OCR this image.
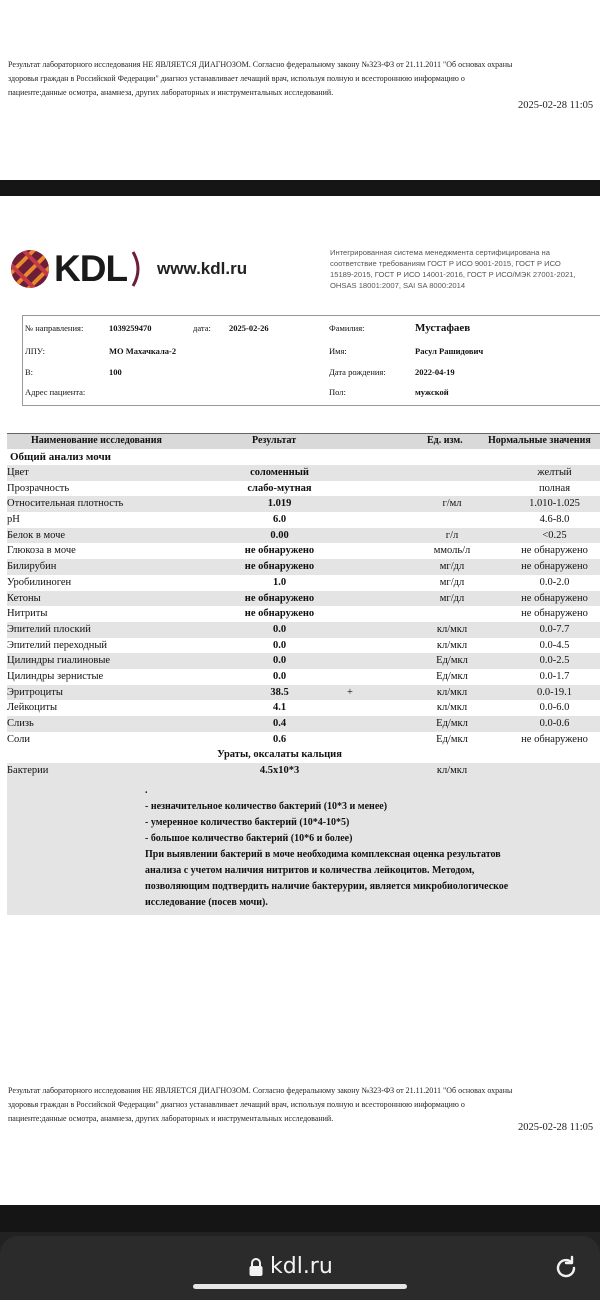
Результат лабораторного исследования НЕ ЯВЛЯЕТСЯ ДИАГНОЗОМ. Согласно федеральному закону №323-ФЗ от 21.11.2011 "Об основах охраны
здоровья граждан в Российской Федерации" диагноз устанавливает лечащий врач, используя полную и всестороннюю информацию о
пациенте:данные осмотра, анамнеза, других лабораторных и инструментальных исследований.
2025-02-28 11:05
KDL www.kdl.ru
Интегрированная система менеджмента сертифицирована на
соответствие требованиям ГОСТ Р ИСО 9001-2015, ГОСТ Р ИСО
15189-2015, ГОСТ Р ИСО 14001-2016, ГОСТ Р ИСО/МЭК 27001-2021,
OHSAS 18001:2007, SAI SA 8000:2014
№ направления:	1039259470	дата: 2025-02-26	Фамилия:	Мустафаев
ЛПУ:	МО Махачкала-2	Имя:	Расул Рашидович
В:	100	Дата рождения:	2022-04-19
Адрес пациента:	Пол:	мужской
Наименование исследования	Результат	Ед. изм.	Нормальные значения
Общий анализ мочи
Цвет	соломенный	желтый
Прозрачность	слабо-мутная	полная
Относительная плотность	1.019	г/мл	1.010-1.025
pH	6.0	4.6-8.0
Белок в моче	0.00	г/л	<0.25
Глюкоза в моче	не обнаружено	ммоль/л	не обнаружено
Билирубин	не обнаружено	мг/дл	не обнаружено
Уробилиноген	1.0	мг/дл	0.0-2.0
Кетоны	не обнаружено	мг/дл	не обнаружено
Нитриты	не обнаружено	не обнаружено
Эпителий плоский	0.0	кл/мкл	0.0-7.7
Эпителий переходный	0.0	кл/мкл	0.0-4.5
Цилиндры гиалиновые	0.0	Ед/мкл	0.0-2.5
Цилиндры зернистые	0.0	Ед/мкл	0.0-1.7
Эритроциты	38.5	+	кл/мкл	0.0-19.1
Лейкоциты	4.1	кл/мкл	0.0-6.0
Слизь	0.4	Ед/мкл	0.0-0.6
Соли	0.6	Ед/мкл	не обнаружено
Ураты, оксалаты кальция
Бактерии	4.5x10*3	кл/мкл
.
- незначительное количество бактерий (10*3 и менее)
- умеренное количество бактерий (10*4-10*5)
- большое количество бактерий (10*6 и более)
При выявлении бактерий в моче необходима комплексная оценка результатов
анализа с учетом наличия нитритов и количества лейкоцитов. Методом,
позволяющим подтвердить наличие бактерурии, является микробиологическое
исследование (посев мочи).
Результат лабораторного исследования НЕ ЯВЛЯЕТСЯ ДИАГНОЗОМ. Согласно федеральному закону №323-ФЗ от 21.11.2011 "Об основах охраны
здоровья граждан в Российской Федерации" диагноз устанавливает лечащий врач, используя полную и всестороннюю информацию о
пациенте:данные осмотра, анамнеза, других лабораторных и инструментальных исследований.
2025-02-28 11:05
kdl.ru
